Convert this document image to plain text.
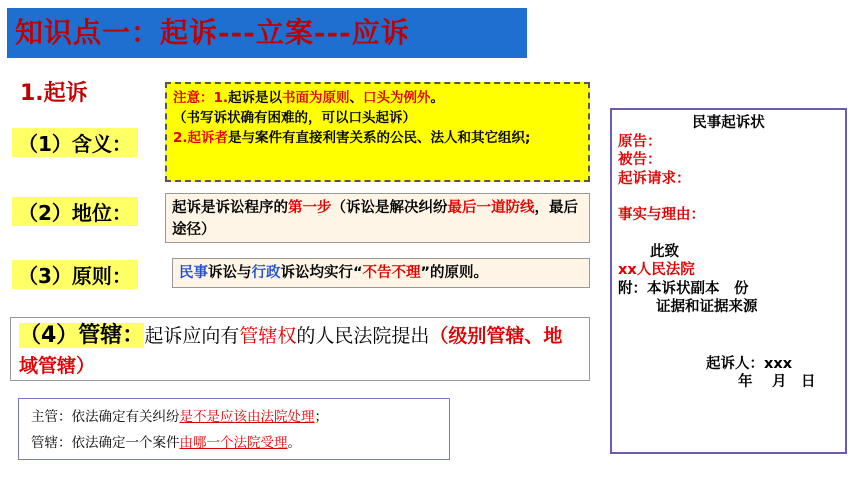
知识点一：起诉---立案---应诉
1.起诉
（1）含义：
（2）地位：
（3）原则：
注意：1.起诉是以书面为原则、口头为例外。
（书写诉状确有困难的，可以口头起诉）
2.起诉者是与案件有直接利害关系的公民、法人和其它组织;
起诉是诉讼程序的第一步（诉讼是解决纠纷最后一道防线，最后途径）
民事诉讼与行政诉讼均实行“不告不理”的原则。
（4）管辖：起诉应向有管辖权的人民法院提出（级别管辖、地域管辖）
主管：依法确定有关纠纷是不是应该由法院处理；
管辖：依法确定一个案件由哪一个法院受理。
民事起诉状
原告：
被告：
起诉请求：
事实与理由：
此致
xx人民法院
附：本诉状副本　份
证据和证据来源
起诉人：xxx
年　 月　日
